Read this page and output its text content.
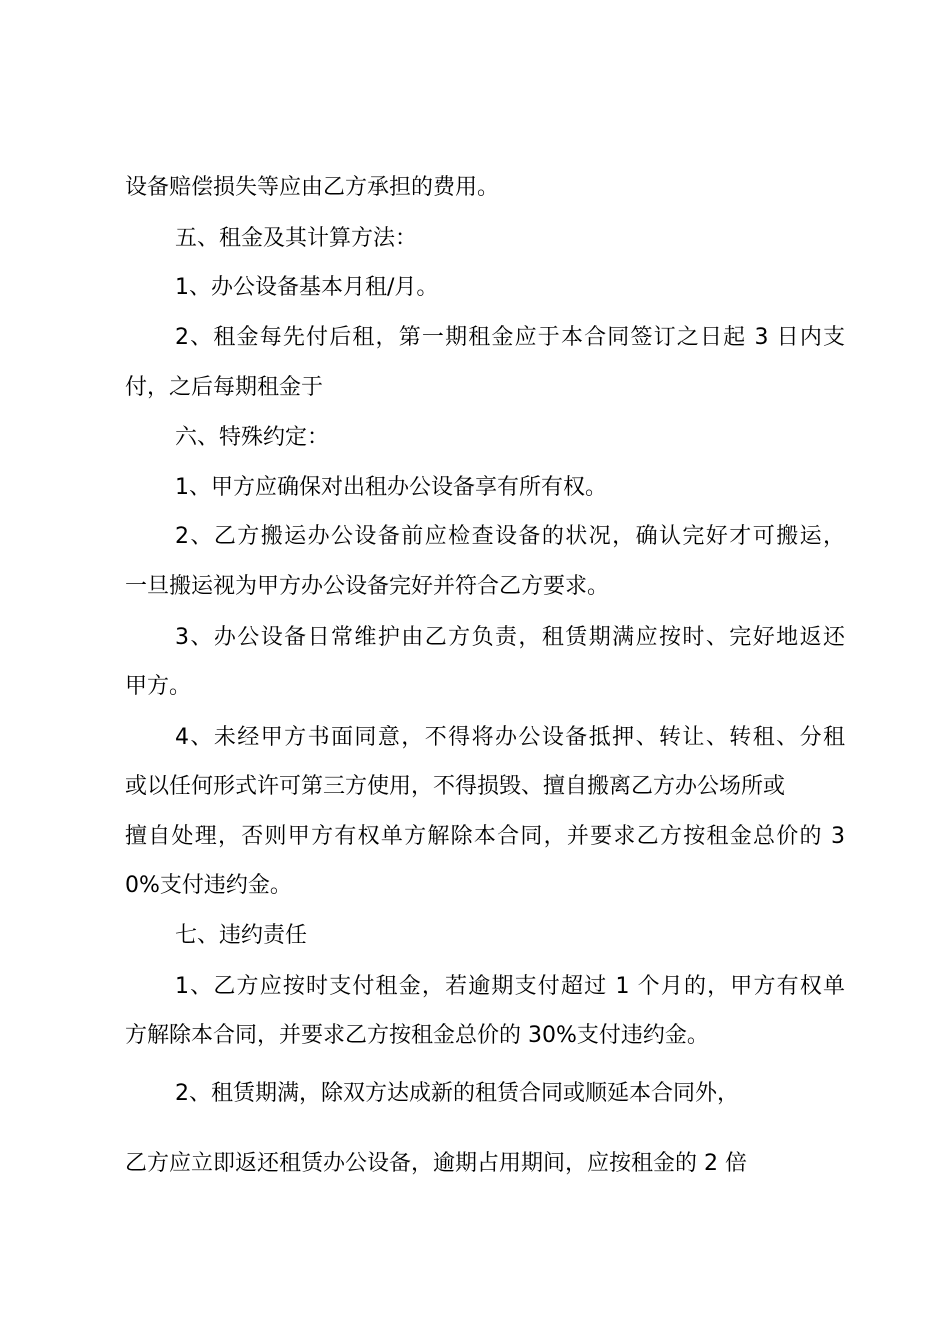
设备赔偿损失等应由乙方承担的费用。

五、租金及其计算方法：

1、办公设备基本月租/月。

2、租金每先付后租，第一期租金应于本合同签订之日起 3 日内支

付，之后每期租金于

六、特殊约定：

1、甲方应确保对出租办公设备享有所有权。

2、乙方搬运办公设备前应检查设备的状况，确认完好才可搬运，

一旦搬运视为甲方办公设备完好并符合乙方要求。

3、办公设备日常维护由乙方负责，租赁期满应按时、完好地返还

甲方。

4、未经甲方书面同意，不得将办公设备抵押、转让、转租、分租

或以任何形式许可第三方使用，不得损毁、擅自搬离乙方办公场所或

擅自处理，否则甲方有权单方解除本合同，并要求乙方按租金总价的 3

0%支付违约金。

七、违约责任

1、乙方应按时支付租金，若逾期支付超过 1 个月的，甲方有权单

方解除本合同，并要求乙方按租金总价的 30%支付违约金。

2、租赁期满，除双方达成新的租赁合同或顺延本合同外，

乙方应立即返还租赁办公设备，逾期占用期间，应按租金的 2 倍
